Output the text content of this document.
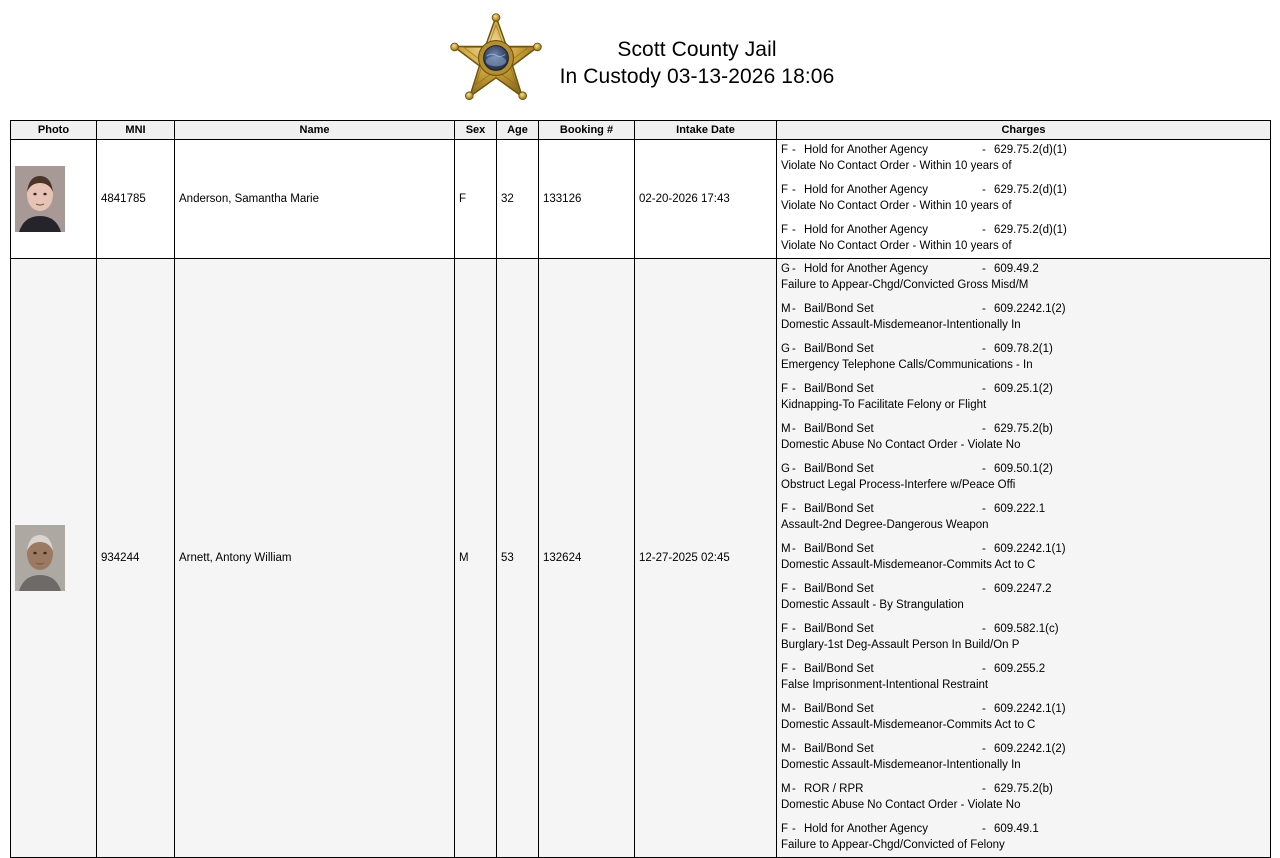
Scott County Jail
In Custody 03-13-2026 18:06
Photo	MNI	Name	Sex	Age	Booking #	Intake Date	Charges

	4841785	Anderson, Samantha Marie	F	32	133126	02-20-2026 17:43	
F - Hold for Another Agency	- 629.75.2(d)(1)
Violate No Contact Order - Within 10 years of
F - Hold for Another Agency	- 629.75.2(d)(1)
Violate No Contact Order - Within 10 years of
F - Hold for Another Agency	- 629.75.2(d)(1)
Violate No Contact Order - Within 10 years of

	934244	Arnett, Antony William	M	53	132624	12-27-2025 02:45	
G - Hold for Another Agency	- 609.49.2
Failure to Appear-Chgd/Convicted Gross Misd/M
M- Bail/Bond Set	- 609.2242.1(2)
Domestic Assault-Misdemeanor-Intentionally In
G - Bail/Bond Set	- 609.78.2(1)
Emergency Telephone Calls/Communications - In
F - Bail/Bond Set	- 609.25.1(2)
Kidnapping-To Facilitate Felony or Flight
M- Bail/Bond Set	- 629.75.2(b)
Domestic Abuse No Contact Order - Violate No
G - Bail/Bond Set	- 609.50.1(2)
Obstruct Legal Process-Interfere w/Peace Offi
F - Bail/Bond Set	- 609.222.1
Assault-2nd Degree-Dangerous Weapon
M- Bail/Bond Set	- 609.2242.1(1)
Domestic Assault-Misdemeanor-Commits Act to C
F - Bail/Bond Set	- 609.2247.2
Domestic Assault - By Strangulation
F - Bail/Bond Set	- 609.582.1(c)
Burglary-1st Deg-Assault Person In Build/On P
F - Bail/Bond Set	- 609.255.2
False Imprisonment-Intentional Restraint
M- Bail/Bond Set	- 609.2242.1(1)
Domestic Assault-Misdemeanor-Commits Act to C
M- Bail/Bond Set	- 609.2242.1(2)
Domestic Assault-Misdemeanor-Intentionally In
M- ROR / RPR	- 629.75.2(b)
Domestic Abuse No Contact Order - Violate No
F - Hold for Another Agency	- 609.49.1
Failure to Appear-Chgd/Convicted of Felony
